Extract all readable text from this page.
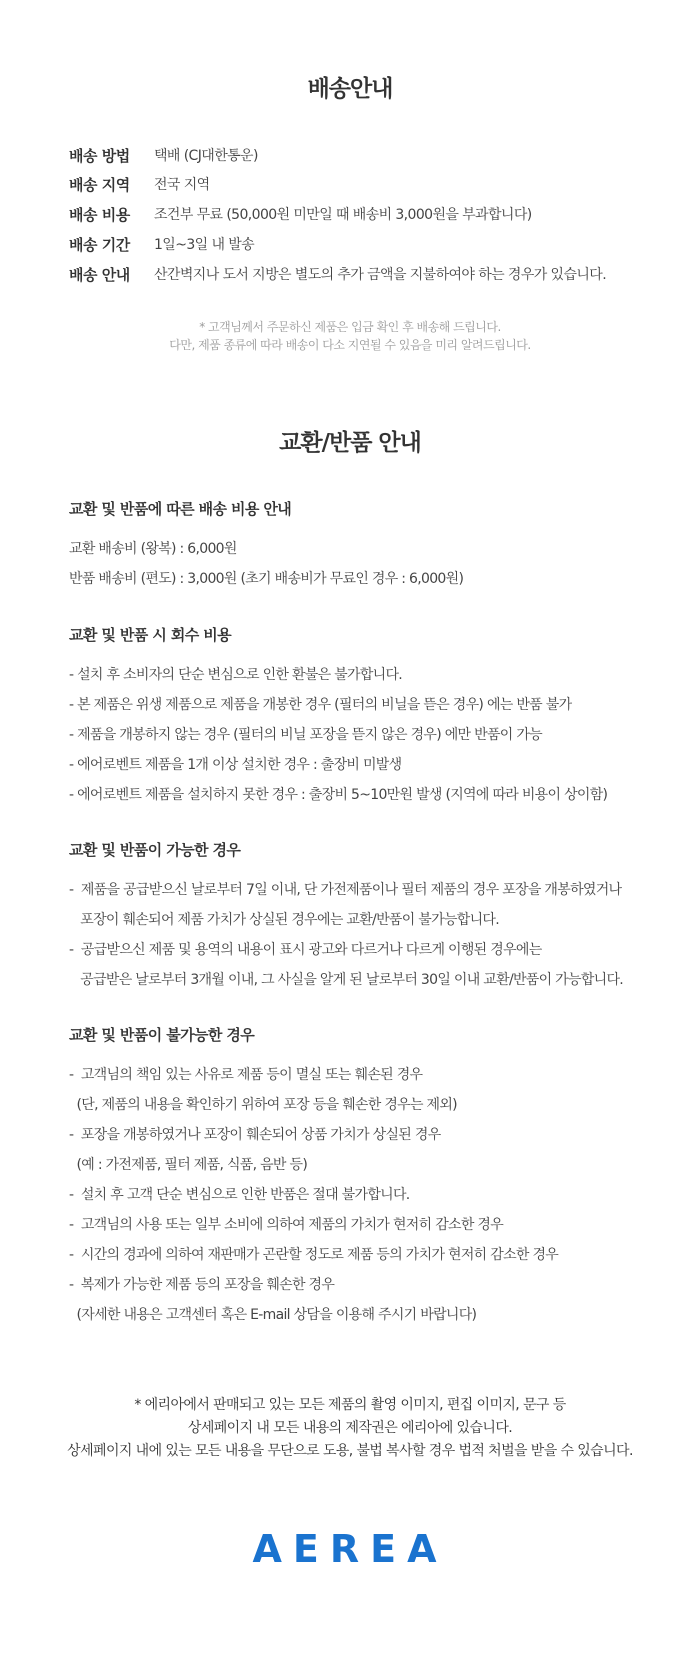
배송안내
배송 방법	택배 (CJ대한통운)
배송 지역	전국 지역
배송 비용	조건부 무료 (50,000원 미만일 때 배송비 3,000원을 부과합니다)
배송 기간	1일~3일 내 발송
배송 안내	산간벽지나 도서 지방은 별도의 추가 금액을 지불하여야 하는 경우가 있습니다.
* 고객님께서 주문하신 제품은 입금 확인 후 배송해 드립니다.
다만, 제품 종류에 따라 배송이 다소 지연될 수 있음을 미리 알려드립니다.
교환/반품 안내
교환 및 반품에 따른 배송 비용 안내
교환 배송비 (왕복) : 6,000원
반품 배송비 (편도) : 3,000원 (초기 배송비가 무료인 경우 : 6,000원)
교환 및 반품 시 회수 비용
- 설치 후 소비자의 단순 변심으로 인한 환불은 불가합니다.
- 본 제품은 위생 제품으로 제품을 개봉한 경우 (필터의 비닐을 뜯은 경우) 에는 반품 불가
- 제품을 개봉하지 않는 경우 (필터의 비닐 포장을 뜯지 않은 경우) 에만 반품이 가능
- 에어로벤트 제품을 1개 이상 설치한 경우 : 출장비 미발생
- 에어로벤트 제품을 설치하지 못한 경우 : 출장비 5~10만원 발생 (지역에 따라 비용이 상이함)
교환 및 반품이 가능한 경우
-  제품을 공급받으신 날로부터 7일 이내, 단 가전제품이나 필터 제품의 경우 포장을 개봉하였거나
포장이 훼손되어 제품 가치가 상실된 경우에는 교환/반품이 불가능합니다.
-  공급받으신 제품 및 용역의 내용이 표시 광고와 다르거나 다르게 이행된 경우에는
공급받은 날로부터 3개월 이내, 그 사실을 알게 된 날로부터 30일 이내 교환/반품이 가능합니다.
교환 및 반품이 불가능한 경우
-  고객님의 책임 있는 사유로 제품 등이 멸실 또는 훼손된 경우
(단, 제품의 내용을 확인하기 위하여 포장 등을 훼손한 경우는 제외)
-  포장을 개봉하였거나 포장이 훼손되어 상품 가치가 상실된 경우
(예 : 가전제품, 필터 제품, 식품, 음반 등)
-  설치 후 고객 단순 변심으로 인한 반품은 절대 불가합니다.
-  고객님의 사용 또는 일부 소비에 의하여 제품의 가치가 현저히 감소한 경우
-  시간의 경과에 의하여 재판매가 곤란할 정도로 제품 등의 가치가 현저히 감소한 경우
-  복제가 가능한 제품 등의 포장을 훼손한 경우
(자세한 내용은 고객센터 혹은 E-mail 상담을 이용해 주시기 바랍니다)
* 에리아에서 판매되고 있는 모든 제품의 촬영 이미지, 편집 이미지, 문구 등
상세페이지 내 모든 내용의 제작권은 에리아에 있습니다.
상세페이지 내에 있는 모든 내용을 무단으로 도용, 불법 복사할 경우 법적 처벌을 받을 수 있습니다.
AEREA
